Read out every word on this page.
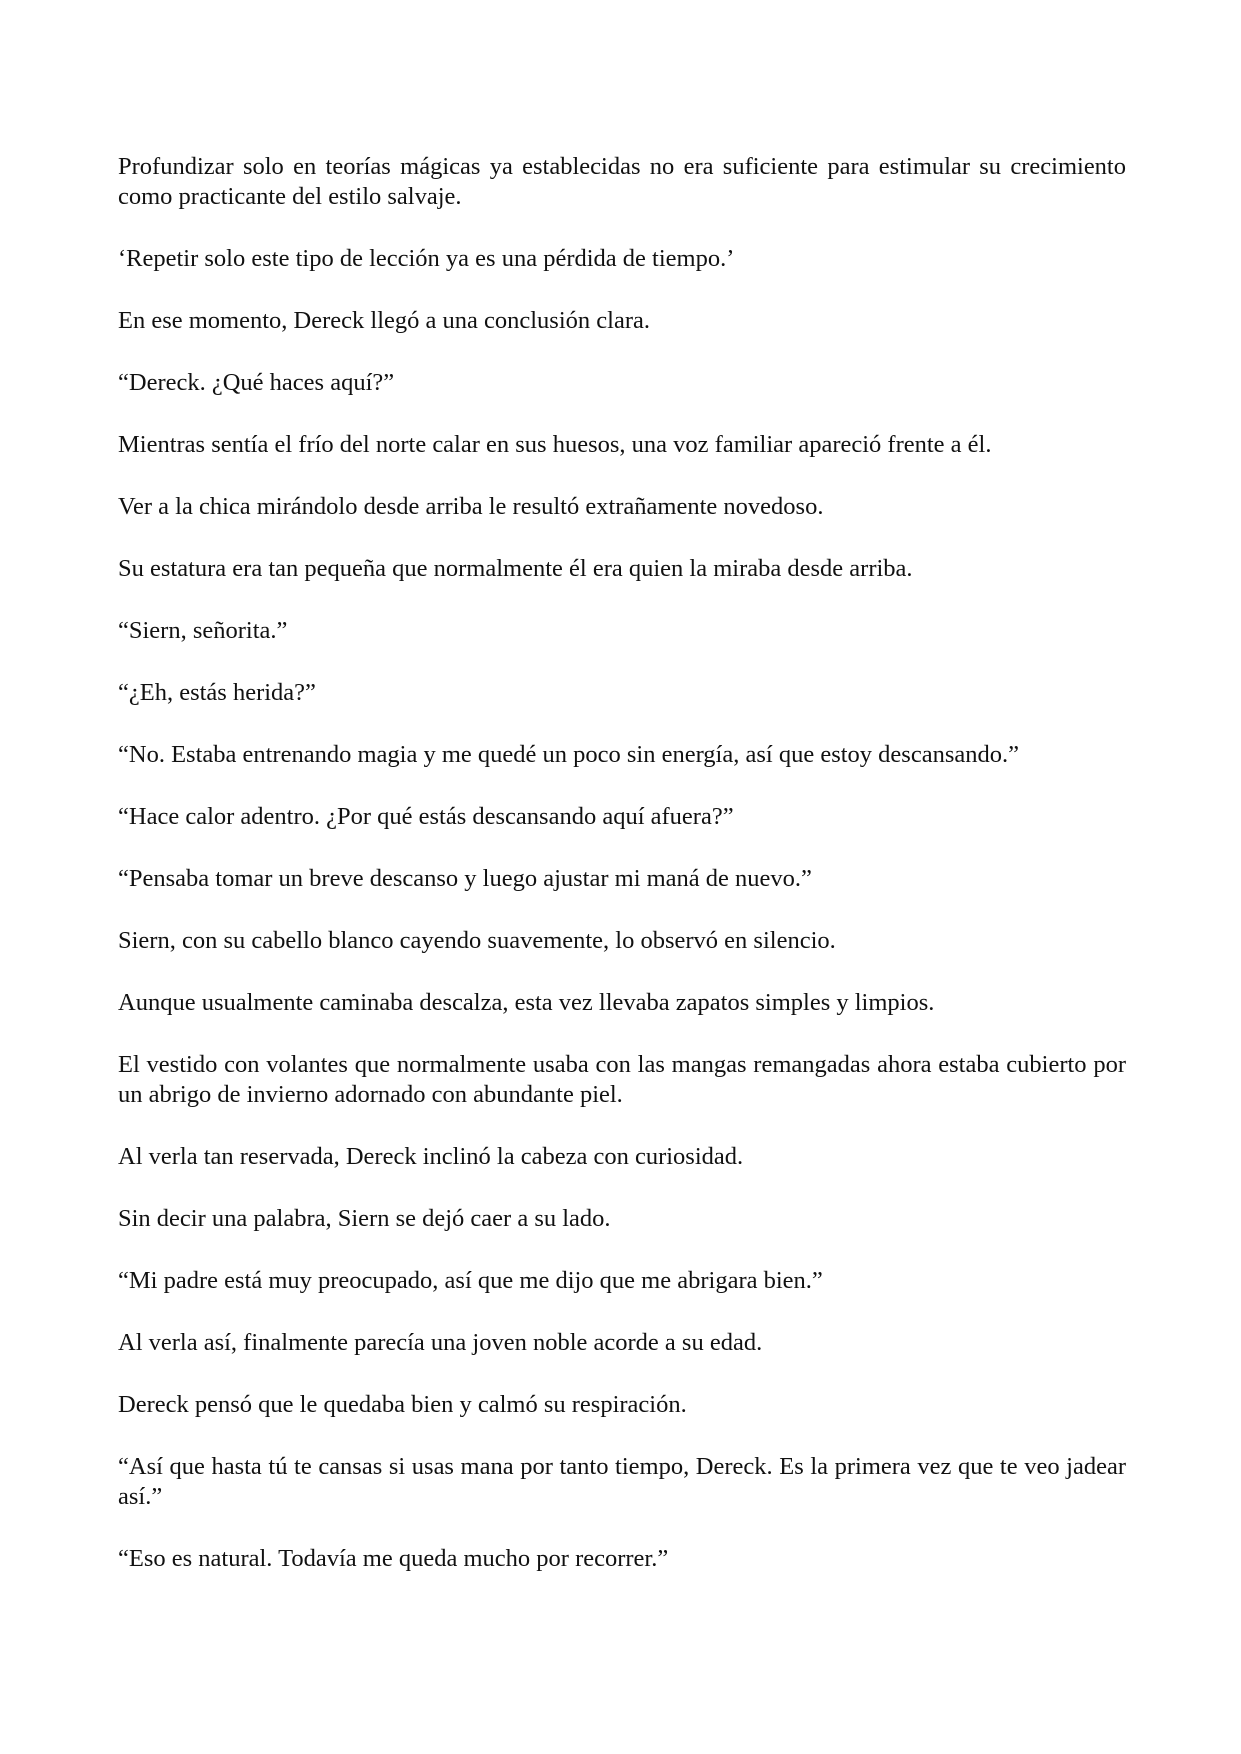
Profundizar solo en teorías mágicas ya establecidas no era suficiente para estimular su crecimiento como practicante del estilo salvaje.

‘Repetir solo este tipo de lección ya es una pérdida de tiempo.’

En ese momento, Dereck llegó a una conclusión clara.

“Dereck. ¿Qué haces aquí?”

Mientras sentía el frío del norte calar en sus huesos, una voz familiar apareció frente a él.

Ver a la chica mirándolo desde arriba le resultó extrañamente novedoso.

Su estatura era tan pequeña que normalmente él era quien la miraba desde arriba.

“Siern, señorita.”

“¿Eh, estás herida?”

“No. Estaba entrenando magia y me quedé un poco sin energía, así que estoy descansando.”

“Hace calor adentro. ¿Por qué estás descansando aquí afuera?”

“Pensaba tomar un breve descanso y luego ajustar mi maná de nuevo.”

Siern, con su cabello blanco cayendo suavemente, lo observó en silencio.

Aunque usualmente caminaba descalza, esta vez llevaba zapatos simples y limpios.

El vestido con volantes que normalmente usaba con las mangas remangadas ahora estaba cubierto por un abrigo de invierno adornado con abundante piel.

Al verla tan reservada, Dereck inclinó la cabeza con curiosidad.

Sin decir una palabra, Siern se dejó caer a su lado.

“Mi padre está muy preocupado, así que me dijo que me abrigara bien.”

Al verla así, finalmente parecía una joven noble acorde a su edad.

Dereck pensó que le quedaba bien y calmó su respiración.

“Así que hasta tú te cansas si usas mana por tanto tiempo, Dereck. Es la primera vez que te veo jadear así.”

“Eso es natural. Todavía me queda mucho por recorrer.”
